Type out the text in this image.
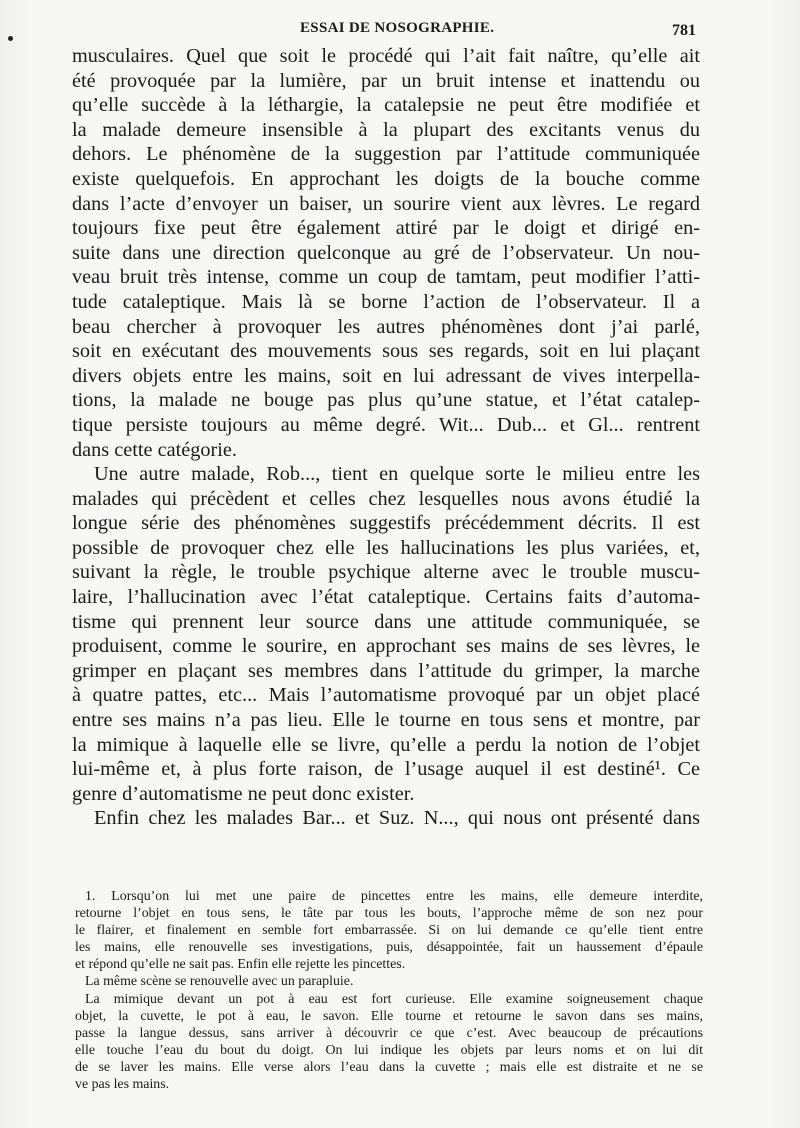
ESSAI DE NOSOGRAPHIE.	781
musculaires. Quel que soit le procédé qui l’ait fait naître, qu’elle ait
été provoquée par la lumière, par un bruit intense et inattendu ou
qu’elle succède à la léthargie, la catalepsie ne peut être modifiée et
la malade demeure insensible à la plupart des excitants venus du
dehors. Le phénomène de la suggestion par l’attitude communiquée
existe quelquefois. En approchant les doigts de la bouche comme
dans l’acte d’envoyer un baiser, un sourire vient aux lèvres. Le regard
toujours fixe peut être également attiré par le doigt et dirigé en-
suite dans une direction quelconque au gré de l’observateur. Un nou-
veau bruit très intense, comme un coup de tamtam, peut modifier l’atti-
tude cataleptique. Mais là se borne l’action de l’observateur. Il a
beau chercher à provoquer les autres phénomènes dont j’ai parlé,
soit en exécutant des mouvements sous ses regards, soit en lui plaçant
divers objets entre les mains, soit en lui adressant de vives interpella-
tions, la malade ne bouge pas plus qu’une statue, et l’état catalep-
tique persiste toujours au même degré. Wit... Dub... et Gl... rentrent
dans cette catégorie.
Une autre malade, Rob..., tient en quelque sorte le milieu entre les
malades qui précèdent et celles chez lesquelles nous avons étudié la
longue série des phénomènes suggestifs précédemment décrits. Il est
possible de provoquer chez elle les hallucinations les plus variées, et,
suivant la règle, le trouble psychique alterne avec le trouble muscu-
laire, l’hallucination avec l’état cataleptique. Certains faits d’automa-
tisme qui prennent leur source dans une attitude communiquée, se
produisent, comme le sourire, en approchant ses mains de ses lèvres, le
grimper en plaçant ses membres dans l’attitude du grimper, la marche
à quatre pattes, etc... Mais l’automatisme provoqué par un objet placé
entre ses mains n’a pas lieu. Elle le tourne en tous sens et montre, par
la mimique à laquelle elle se livre, qu’elle a perdu la notion de l’objet
lui-même et, à plus forte raison, de l’usage auquel il est destiné¹. Ce
genre d’automatisme ne peut donc exister.
Enfin chez les malades Bar... et Suz. N..., qui nous ont présenté dans
1. Lorsqu’on lui met une paire de pincettes entre les mains, elle demeure interdite,
retourne l’objet en tous sens, le tâte par tous les bouts, l’approche même de son nez pour
le flairer, et finalement en semble fort embarrassée. Si on lui demande ce qu’elle tient entre
les mains, elle renouvelle ses investigations, puis, désappointée, fait un haussement d’épaule
et répond qu’elle ne sait pas. Enfin elle rejette les pincettes.
La même scène se renouvelle avec un parapluie.
La mimique devant un pot à eau est fort curieuse. Elle examine soigneusement chaque
objet, la cuvette, le pot à eau, le savon. Elle tourne et retourne le savon dans ses mains,
passe la langue dessus, sans arriver à découvrir ce que c’est. Avec beaucoup de précautions
elle touche l’eau du bout du doigt. On lui indique les objets par leurs noms et on lui dit
de se laver les mains. Elle verse alors l’eau dans la cuvette ; mais elle est distraite et ne se
ve pas les mains.
